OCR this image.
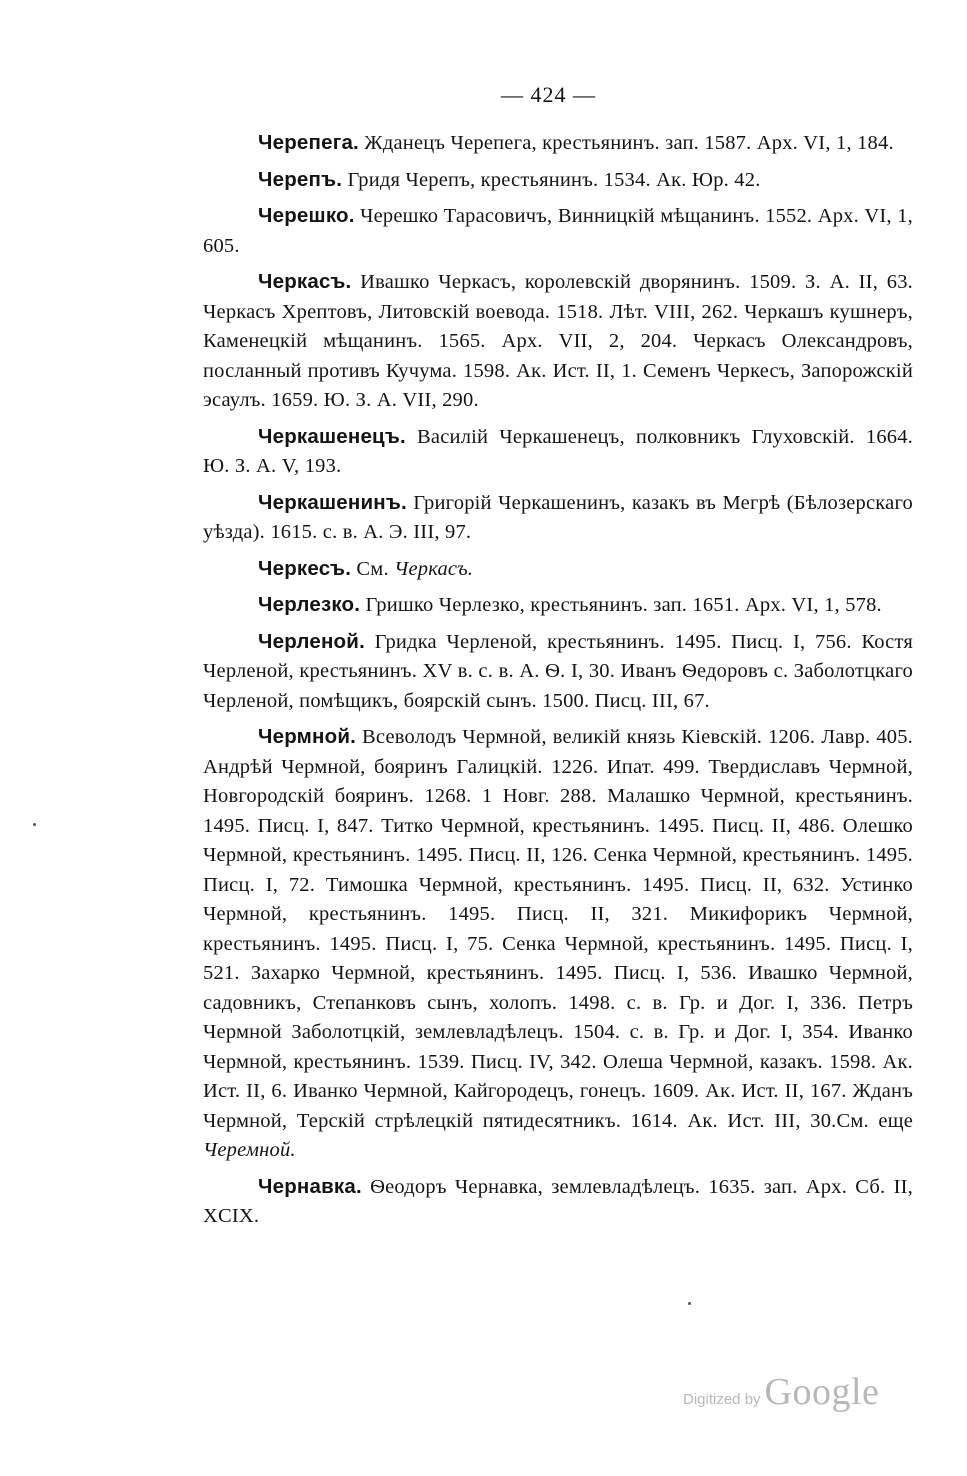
— 424 —

Черепега. Жданецъ Черепега, крестьянинъ. зап. 1587. Арх. VI, 1, 184.

Черепъ. Гридя Черепъ, крестьянинъ. 1534. Ак. Юр. 42.

Черешко. Черешко Тарасовичъ, Винницкій мѣщанинъ. 1552. Арх. VI, 1, 605.

Черкасъ. Ивашко Черкасъ, королевскій дворянинъ. 1509. З. А. II, 63. Черкасъ Хрептовъ, Литовскій воевода. 1518. Лѣт. VIII, 262. Черкашъ кушнеръ, Каменецкій мѣщанинъ. 1565. Арх. VII, 2, 204. Черкасъ Олександровъ, посланный противъ Кучума. 1598. Ак. Ист. II, 1. Семенъ Черкесъ, Запорожскій эсаулъ. 1659. Ю. З. А. VII, 290.

Черкашенецъ. Василій Черкашенецъ, полковникъ Глуховскій. 1664. Ю. З. А. V, 193.

Черкашенинъ. Григорій Черкашенинъ, казакъ въ Мегрѣ (Бѣлозерскаго уѣзда). 1615. с. в. А. Э. III, 97.

Черкесъ. См. Черкасъ.

Черлезко. Гришко Черлезко, крестьянинъ. зап. 1651. Арх. VI, 1, 578.

Черленой. Гридка Черленой, крестьянинъ. 1495. Писц. I, 756. Костя Черленой, крестьянинъ. XV в. с. в. А. Ѳ. I, 30. Иванъ Ѳедоровъ с. Заболотцкаго Черленой, помѣщикъ, боярскій сынъ. 1500. Писц. III, 67.

Чермной. Всеволодъ Чермной, великій князь Кіевскій. 1206. Лавр. 405. Андрѣй Чермной, бояринъ Галицкій. 1226. Ипат. 499. Твердиславъ Чермной, Новгородскій бояринъ. 1268. 1 Новг. 288. Малашко Чермной, крестьянинъ. 1495. Писц. I, 847. Титко Чермной, крестьянинъ. 1495. Писц. II, 486. Олешко Чермной, крестьянинъ. 1495. Писц. II, 126. Сенка Чермной, крестьянинъ. 1495. Писц. I, 72. Тимошка Чермной, крестьянинъ. 1495. Писц. II, 632. Устинко Чермной, крестьянинъ. 1495. Писц. II, 321. Микифорикъ Чермной, крестьянинъ. 1495. Писц. I, 75. Сенка Чермной, крестьянинъ. 1495. Писц. I, 521. Захарко Чермной, крестьянинъ. 1495. Писц. I, 536. Ивашко Чермной, садовникъ, Степанковъ сынъ, холопъ. 1498. с. в. Гр. и Дог. I, 336. Петръ Чермной Заболотцкій, землевладѣлецъ. 1504. с. в. Гр. и Дог. I, 354. Иванко Чермной, крестьянинъ. 1539. Писц. IV, 342. Олеша Чермной, казакъ. 1598. Ак. Ист. II, 6. Иванко Чермной, Кайгородецъ, гонецъ. 1609. Ак. Ист. II, 167. Жданъ Чермной, Терскій стрѣлецкій пятидесятникъ. 1614. Ак. Ист. III, 30.См. еще Черемной.

Чернавка. Ѳеодоръ Чернавка, землевладѣлецъ. 1635. зап. Арх. Сб. II, XCIX.

Digitized by Google
